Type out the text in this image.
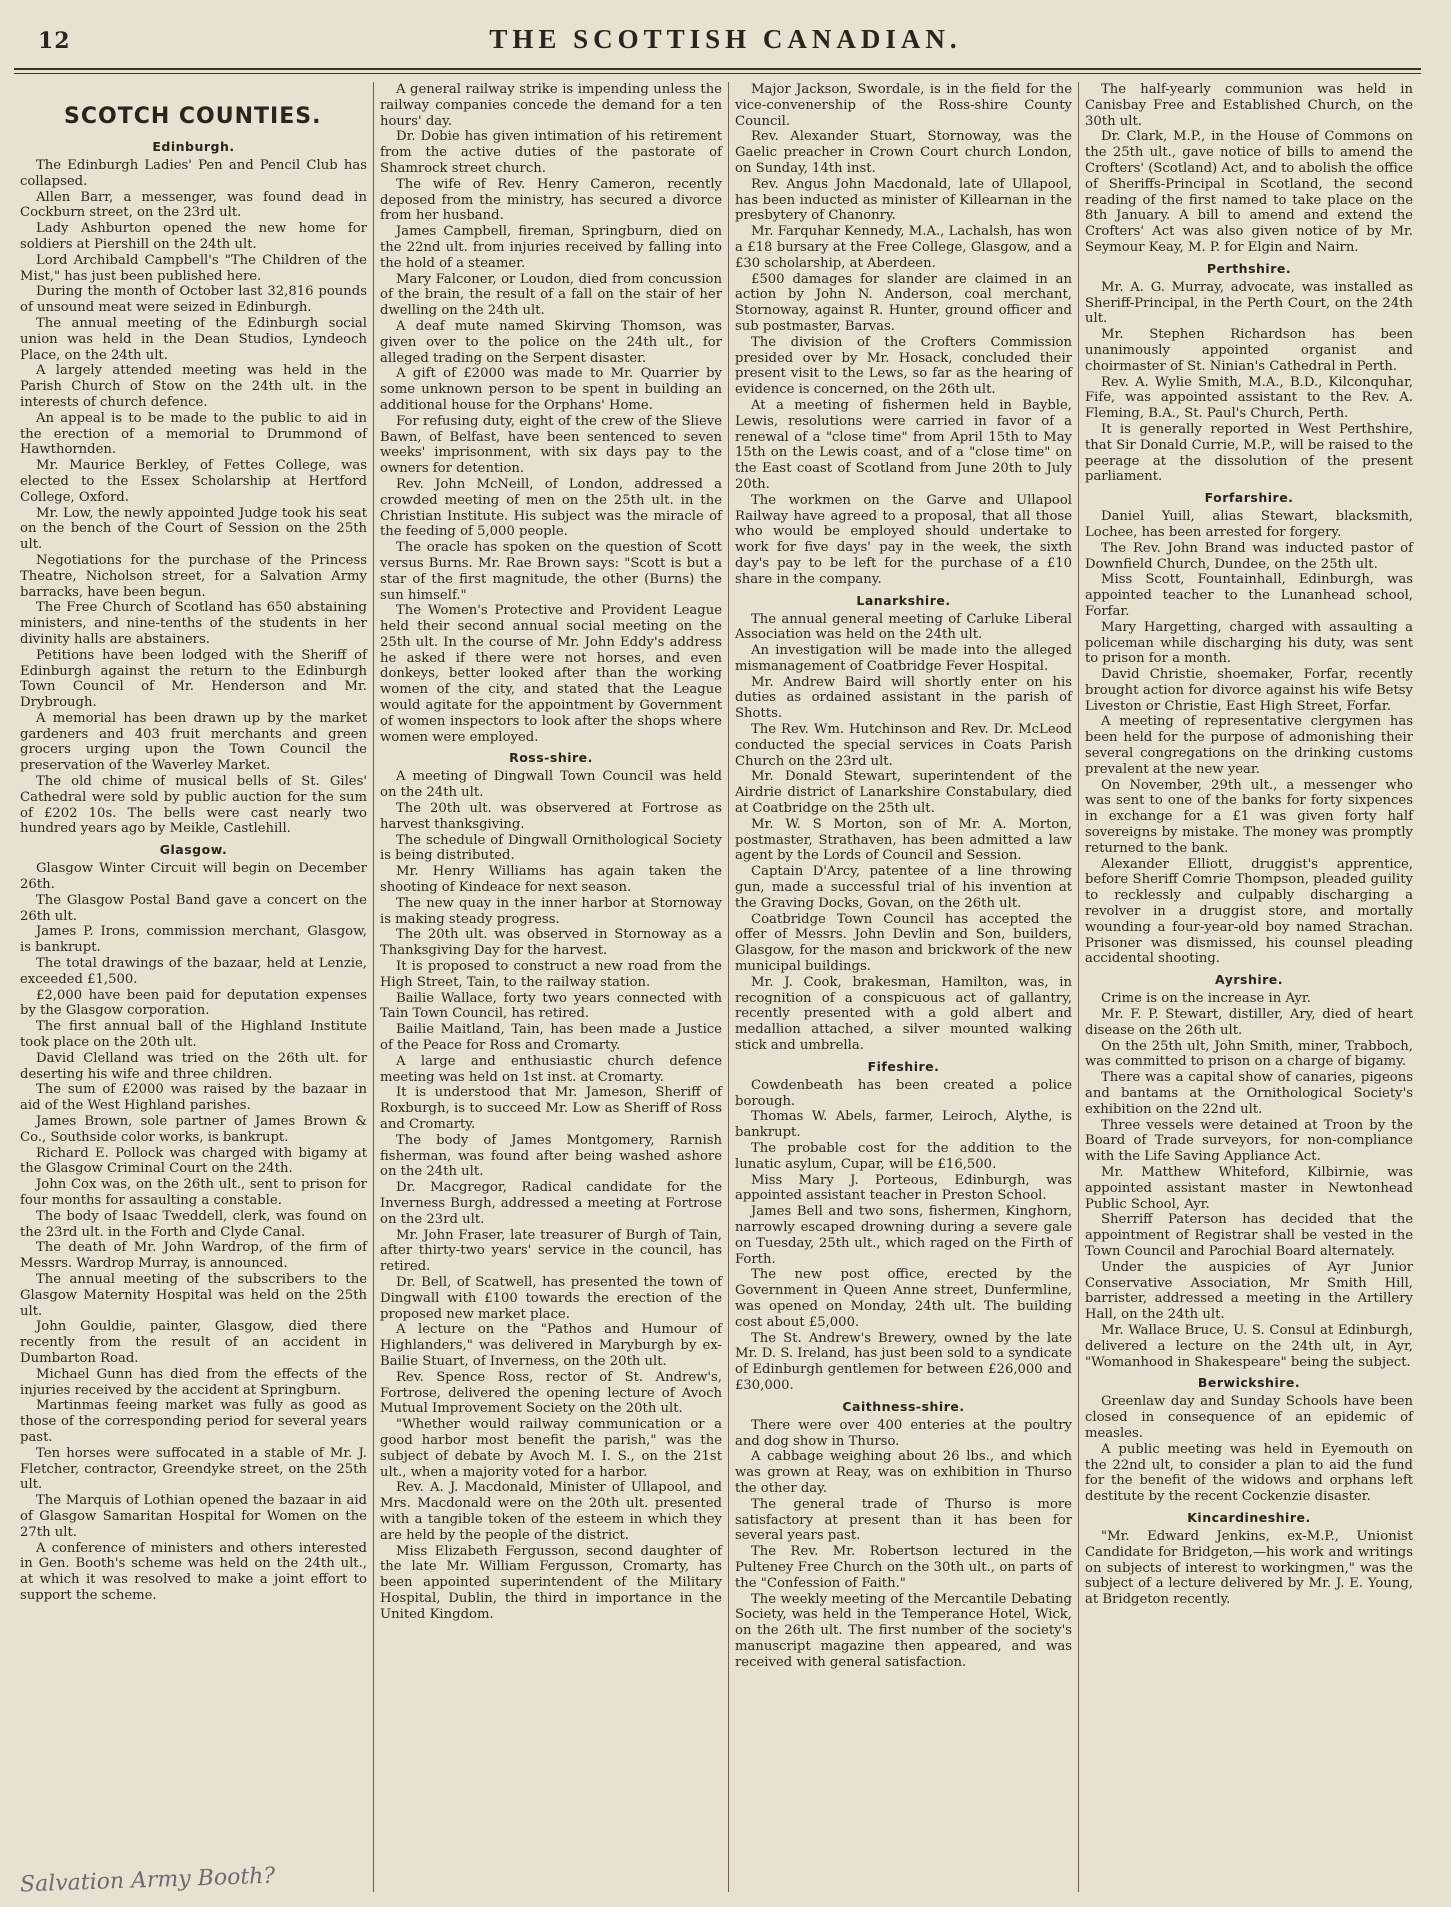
12	THE SCOTTISH CANADIAN.
SCOTCH COUNTIES.
Edinburgh.

The Edinburgh Ladies' Pen and Pencil Club has collapsed.

Allen Barr, a messenger, was found dead in Cockburn street, on the 23rd ult.

Lady Ashburton opened the new home for soldiers at Piershill on the 24th ult.

Lord Archibald Campbell's "The Children of the Mist," has just been published here.

During the month of October last 32,816 pounds of unsound meat were seized in Edinburgh.

The annual meeting of the Edinburgh social union was held in the Dean Studios, Lyndeoch Place, on the 24th ult.

A largely attended meeting was held in the Parish Church of Stow on the 24th ult. in the interests of church defence.

An appeal is to be made to the public to aid in the erection of a memorial to Drummond of Hawthornden.

Mr. Maurice Berkley, of Fettes College, was elected to the Essex Scholarship at Hertford College, Oxford.

Mr. Low, the newly appointed Judge took his seat on the bench of the Court of Session on the 25th ult.

Negotiations for the purchase of the Princess Theatre, Nicholson street, for a Salvation Army barracks, have been begun.

The Free Church of Scotland has 650 abstaining ministers, and nine-tenths of the students in her divinity halls are abstainers.

Petitions have been lodged with the Sheriff of Edinburgh against the return to the Edinburgh Town Council of Mr. Henderson and Mr. Drybrough.

A memorial has been drawn up by the market gardeners and 403 fruit merchants and green grocers urging upon the Town Council the preservation of the Waverley Market.

The old chime of musical bells of St. Giles' Cathedral were sold by public auction for the sum of £202 10s. The bells were cast nearly two hundred years ago by Meikle, Castlehill.

Glasgow.

Glasgow Winter Circuit will begin on December 26th.

The Glasgow Postal Band gave a concert on the 26th ult.

James P. Irons, commission merchant, Glasgow, is bankrupt.

The total drawings of the bazaar, held at Lenzie, exceeded £1,500.

£2,000 have been paid for deputation expenses by the Glasgow corporation.

The first annual ball of the Highland Institute took place on the 20th ult.

David Clelland was tried on the 26th ult. for deserting his wife and three children.

The sum of £2000 was raised by the bazaar in aid of the West Highland parishes.

James Brown, sole partner of James Brown & Co., Southside color works, is bankrupt.

Richard E. Pollock was charged with bigamy at the Glasgow Criminal Court on the 24th.

John Cox was, on the 26th ult., sent to prison for four months for assaulting a constable.

The body of Isaac Tweddell, clerk, was found on the 23rd ult. in the Forth and Clyde Canal.

The death of Mr. John Wardrop, of the firm of Messrs. Wardrop Murray, is announced.

The annual meeting of the subscribers to the Glasgow Maternity Hospital was held on the 25th ult.

John Gouldie, painter, Glasgow, died there recently from the result of an accident in Dumbarton Road.

Michael Gunn has died from the effects of the injuries received by the accident at Springburn.

Martinmas feeing market was fully as good as those of the corresponding period for several years past.

Ten horses were suffocated in a stable of Mr. J. Fletcher, contractor, Greendyke street, on the 25th ult.

The Marquis of Lothian opened the bazaar in aid of Glasgow Samaritan Hospital for Women on the 27th ult.

A conference of ministers and others interested in Gen. Booth's scheme was held on the 24th ult., at which it was resolved to make a joint effort to support the scheme.

A general railway strike is impending unless the railway companies concede the demand for a ten hours' day.

Dr. Dobie has given intimation of his retirement from the active duties of the pastorate of Shamrock street church.

The wife of Rev. Henry Cameron, recently deposed from the ministry, has secured a divorce from her husband.

James Campbell, fireman, Springburn, died on the 22nd ult. from injuries received by falling into the hold of a steamer.

Mary Falconer, or Loudon, died from concussion of the brain, the result of a fall on the stair of her dwelling on the 24th ult.

A deaf mute named Skirving Thomson, was given over to the police on the 24th ult., for alleged trading on the Serpent disaster.

A gift of £2000 was made to Mr. Quarrier by some unknown person to be spent in building an additional house for the Orphans' Home.

For refusing duty, eight of the crew of the Slieve Bawn, of Belfast, have been sentenced to seven weeks' imprisonment, with six days pay to the owners for detention.

Rev. John McNeill, of London, addressed a crowded meeting of men on the 25th ult. in the Christian Institute. His subject was the miracle of the feeding of 5,000 people.

The oracle has spoken on the question of Scott versus Burns. Mr. Rae Brown says: "Scott is but a star of the first magnitude, the other (Burns) the sun himself."

The Women's Protective and Provident League held their second annual social meeting on the 25th ult. In the course of Mr. John Eddy's address he asked if there were not horses, and even donkeys, better looked after than the working women of the city, and stated that the League would agitate for the appointment by Government of women inspectors to look after the shops where women were employed.

Ross-shire.

A meeting of Dingwall Town Council was held on the 24th ult.

The 20th ult. was observered at Fortrose as harvest thanksgiving.

The schedule of Dingwall Ornithological Society is being distributed.

Mr. Henry Williams has again taken the shooting of Kindeace for next season.

The new quay in the inner harbor at Stornoway is making steady progress.

The 20th ult. was observed in Stornoway as a Thanksgiving Day for the harvest.

It is proposed to construct a new road from the High Street, Tain, to the railway station.

Bailie Wallace, forty two years connected with Tain Town Council, has retired.

Bailie Maitland, Tain, has been made a Justice of the Peace for Ross and Cromarty.

A large and enthusiastic church defence meeting was held on 1st inst. at Cromarty.

It is understood that Mr. Jameson, Sheriff of Roxburgh, is to succeed Mr. Low as Sheriff of Ross and Cromarty.

The body of James Montgomery, Rarnish fisherman, was found after being washed ashore on the 24th ult.

Dr. Macgregor, Radical candidate for the Inverness Burgh, addressed a meeting at Fortrose on the 23rd ult.

Mr. John Fraser, late treasurer of Burgh of Tain, after thirty-two years' service in the council, has retired.

Dr. Bell, of Scatwell, has presented the town of Dingwall with £100 towards the erection of the proposed new market place.

A lecture on the "Pathos and Humour of Highlanders," was delivered in Maryburgh by ex-Bailie Stuart, of Inverness, on the 20th ult.

Rev. Spence Ross, rector of St. Andrew's, Fortrose, delivered the opening lecture of Avoch Mutual Improvement Society on the 20th ult.

"Whether would railway communication or a good harbor most benefit the parish," was the subject of debate by Avoch M. I. S., on the 21st ult., when a majority voted for a harbor.

Rev. A. J. Macdonald, Minister of Ullapool, and Mrs. Macdonald were on the 20th ult. presented with a tangible token of the esteem in which they are held by the people of the district.

Miss Elizabeth Fergusson, second daughter of the late Mr. William Fergusson, Cromarty, has been appointed superintendent of the Military Hospital, Dublin, the third in importance in the United Kingdom.

Major Jackson, Swordale, is in the field for the vice-convenership of the Ross-shire County Council.

Rev. Alexander Stuart, Stornoway, was the Gaelic preacher in Crown Court church London, on Sunday, 14th inst.

Rev. Angus John Macdonald, late of Ullapool, has been inducted as minister of Killearnan in the presbytery of Chanonry.

Mr. Farquhar Kennedy, M.A., Lachalsh, has won a £18 bursary at the Free College, Glasgow, and a £30 scholarship, at Aberdeen.

£500 damages for slander are claimed in an action by John N. Anderson, coal merchant, Stornoway, against R. Hunter, ground officer and sub postmaster, Barvas.

The division of the Crofters Commission presided over by Mr. Hosack, concluded their present visit to the Lews, so far as the hearing of evidence is concerned, on the 26th ult.

At a meeting of fishermen held in Bayble, Lewis, resolutions were carried in favor of a renewal of a "close time" from April 15th to May 15th on the Lewis coast, and of a "close time" on the East coast of Scotland from June 20th to July 20th.

The workmen on the Garve and Ullapool Railway have agreed to a proposal, that all those who would be employed should undertake to work for five days' pay in the week, the sixth day's pay to be left for the purchase of a £10 share in the company.

Lanarkshire.

The annual general meeting of Carluke Liberal Association was held on the 24th ult.

An investigation will be made into the alleged mismanagement of Coatbridge Fever Hospital.

Mr. Andrew Baird will shortly enter on his duties as ordained assistant in the parish of Shotts.

The Rev. Wm. Hutchinson and Rev. Dr. McLeod conducted the special services in Coats Parish Church on the 23rd ult.

Mr. Donald Stewart, superintendent of the Airdrie district of Lanarkshire Constabulary, died at Coatbridge on the 25th ult.

Mr. W. S Morton, son of Mr. A. Morton, postmaster, Strathaven, has been admitted a law agent by the Lords of Council and Session.

Captain D'Arcy, patentee of a line throwing gun, made a successful trial of his invention at the Graving Docks, Govan, on the 26th ult.

Coatbridge Town Council has accepted the offer of Messrs. John Devlin and Son, builders, Glasgow, for the mason and brickwork of the new municipal buildings.

Mr. J. Cook, brakesman, Hamilton, was, in recognition of a conspicuous act of gallantry, recently presented with a gold albert and medallion attached, a silver mounted walking stick and umbrella.

Fifeshire.

Cowdenbeath has been created a police borough.

Thomas W. Abels, farmer, Leiroch, Alythe, is bankrupt.

The probable cost for the addition to the lunatic asylum, Cupar, will be £16,500.

Miss Mary J. Porteous, Edinburgh, was appointed assistant teacher in Preston School.

James Bell and two sons, fishermen, Kinghorn, narrowly escaped drowning during a severe gale on Tuesday, 25th ult., which raged on the Firth of Forth.

The new post office, erected by the Government in Queen Anne street, Dunfermline, was opened on Monday, 24th ult. The building cost about £5,000.

The St. Andrew's Brewery, owned by the late Mr. D. S. Ireland, has just been sold to a syndicate of Edinburgh gentlemen for between £26,000 and £30,000.

Caithness-shire.

There were over 400 enteries at the poultry and dog show in Thurso.

A cabbage weighing about 26 lbs., and which was grown at Reay, was on exhibition in Thurso the other day.

The general trade of Thurso is more satisfactory at present than it has been for several years past.

The Rev. Mr. Robertson lectured in the Pulteney Free Church on the 30th ult., on parts of the "Confession of Faith."

The weekly meeting of the Mercantile Debating Society, was held in the Temperance Hotel, Wick, on the 26th ult. The first number of the society's manuscript magazine then appeared, and was received with general satisfaction.

The half-yearly communion was held in Canisbay Free and Established Church, on the 30th ult.

Dr. Clark, M.P., in the House of Commons on the 25th ult., gave notice of bills to amend the Crofters' (Scotland) Act, and to abolish the office of Sheriffs-Principal in Scotland, the second reading of the first named to take place on the 8th January. A bill to amend and extend the Crofters' Act was also given notice of by Mr. Seymour Keay, M. P. for Elgin and Nairn.

Perthshire.

Mr. A. G. Murray, advocate, was installed as Sheriff-Principal, in the Perth Court, on the 24th ult.

Mr. Stephen Richardson has been unanimously appointed organist and choirmaster of St. Ninian's Cathedral in Perth.

Rev. A. Wylie Smith, M.A., B.D., Kilconquhar, Fife, was appointed assistant to the Rev. A. Fleming, B.A., St. Paul's Church, Perth.

It is generally reported in West Perthshire, that Sir Donald Currie, M.P., will be raised to the peerage at the dissolution of the present parliament.

Forfarshire.

Daniel Yuill, alias Stewart, blacksmith, Lochee, has been arrested for forgery.

The Rev. John Brand was inducted pastor of Downfield Church, Dundee, on the 25th ult.

Miss Scott, Fountainhall, Edinburgh, was appointed teacher to the Lunanhead school, Forfar.

Mary Hargetting, charged with assaulting a policeman while discharging his duty, was sent to prison for a month.

David Christie, shoemaker, Forfar, recently brought action for divorce against his wife Betsy Liveston or Christie, East High Street, Forfar.

A meeting of representative clergymen has been held for the purpose of admonishing their several congregations on the drinking customs prevalent at the new year.

On November, 29th ult., a messenger who was sent to one of the banks for forty sixpences in exchange for a £1 was given forty half sovereigns by mistake. The money was promptly returned to the bank.

Alexander Elliott, druggist's apprentice, before Sheriff Comrie Thompson, pleaded guility to recklessly and culpably discharging a revolver in a druggist store, and mortally wounding a four-year-old boy named Strachan. Prisoner was dismissed, his counsel pleading accidental shooting.

Ayrshire.

Crime is on the increase in Ayr.

Mr. F. P. Stewart, distiller, Ary, died of heart disease on the 26th ult.

On the 25th ult, John Smith, miner, Trabboch, was committed to prison on a charge of bigamy.

There was a capital show of canaries, pigeons and bantams at the Ornithological Society's exhibition on the 22nd ult.

Three vessels were detained at Troon by the Board of Trade surveyors, for non-compliance with the Life Saving Appliance Act.

Mr. Matthew Whiteford, Kilbirnie, was appointed assistant master in Newtonhead Public School, Ayr.

Sherriff Paterson has decided that the appointment of Registrar shall be vested in the Town Council and Parochial Board alternately.

Under the auspicies of Ayr Junior Conservative Association, Mr Smith Hill, barrister, addressed a meeting in the Artillery Hall, on the 24th ult.

Mr. Wallace Bruce, U. S. Consul at Edinburgh, delivered a lecture on the 24th ult, in Ayr, "Womanhood in Shakespeare" being the subject.

Berwickshire.

Greenlaw day and Sunday Schools have been closed in consequence of an epidemic of measles.

A public meeting was held in Eyemouth on the 22nd ult, to consider a plan to aid the fund for the benefit of the widows and orphans left destitute by the recent Cockenzie disaster.

Kincardineshire.

"Mr. Edward Jenkins, ex-M.P., Unionist Candidate for Bridgeton,—his work and writings on subjects of interest to workingmen," was the subject of a lecture delivered by Mr. J. E. Young, at Bridgeton recently.

Salvation Army Booth?
